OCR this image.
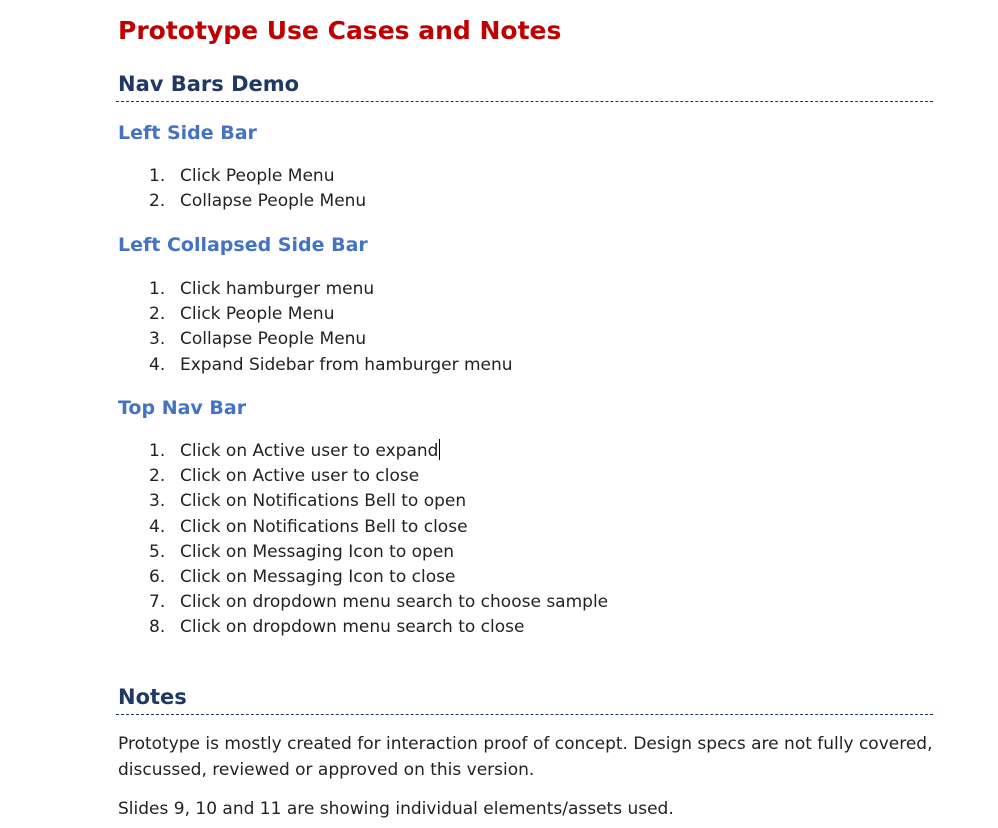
Prototype Use Cases and Notes
Nav Bars Demo
Left Side Bar
1. Click People Menu
2. Collapse People Menu
Left Collapsed Side Bar
1. Click hamburger menu
2. Click People Menu
3. Collapse People Menu
4. Expand Sidebar from hamburger menu
Top Nav Bar
1. Click on Active user to expand
2. Click on Active user to close
3. Click on Notifications Bell to open
4. Click on Notifications Bell to close
5. Click on Messaging Icon to open
6. Click on Messaging Icon to close
7. Click on dropdown menu search to choose sample
8. Click on dropdown menu search to close
Notes

Prototype is mostly created for interaction proof of concept. Design specs are not fully covered, discussed, reviewed or approved on this version.

Slides 9, 10 and 11 are showing individual elements/assets used.
